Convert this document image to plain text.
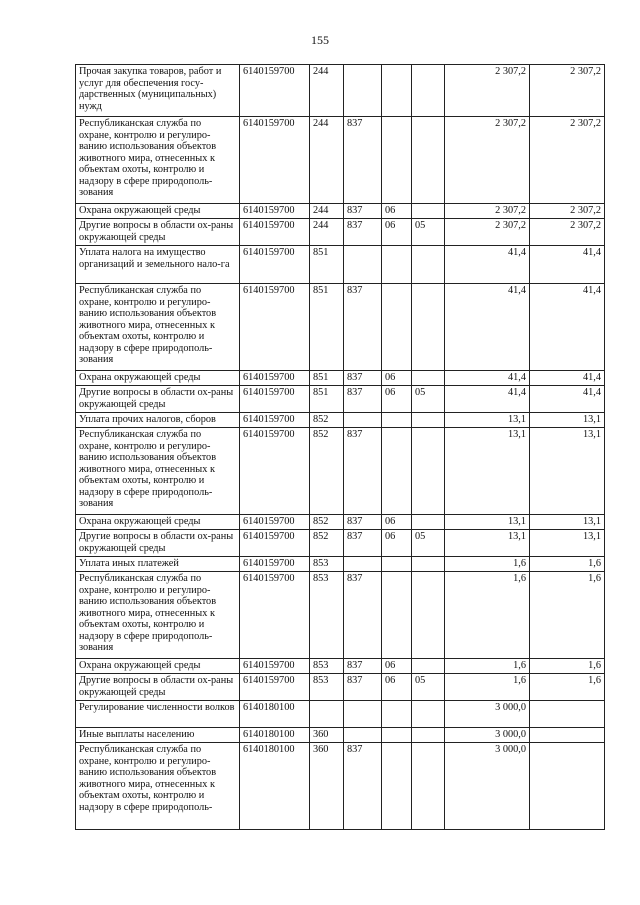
155
Прочая закупка товаров, работ и услуг для обеспечения госу-дарственных (муниципальных) нужд	6140159700	244				2 307,2	2 307,2
Республиканская служба по охране, контролю и регулиро-ванию использования объектов животного мира, отнесенных к объектам охоты, контролю и надзору в сфере природополь-зования	6140159700	244	837			2 307,2	2 307,2
Охрана окружающей среды	6140159700	244	837	06		2 307,2	2 307,2
Другие вопросы в области ох-раны окружающей среды	6140159700	244	837	06	05	2 307,2	2 307,2
Уплата налога на имущество организаций и земельного нало-га	6140159700	851				41,4	41,4
Республиканская служба по охране, контролю и регулиро-ванию использования объектов животного мира, отнесенных к объектам охоты, контролю и надзору в сфере природополь-зования	6140159700	851	837			41,4	41,4
Охрана окружающей среды	6140159700	851	837	06		41,4	41,4
Другие вопросы в области ох-раны окружающей среды	6140159700	851	837	06	05	41,4	41,4
Уплата прочих налогов, сборов	6140159700	852				13,1	13,1
Республиканская служба по охране, контролю и регулиро-ванию использования объектов животного мира, отнесенных к объектам охоты, контролю и надзору в сфере природополь-зования	6140159700	852	837			13,1	13,1
Охрана окружающей среды	6140159700	852	837	06		13,1	13,1
Другие вопросы в области ох-раны окружающей среды	6140159700	852	837	06	05	13,1	13,1
Уплата иных платежей	6140159700	853				1,6	1,6
Республиканская служба по охране, контролю и регулиро-ванию использования объектов животного мира, отнесенных к объектам охоты, контролю и надзору в сфере природополь-зования	6140159700	853	837			1,6	1,6
Охрана окружающей среды	6140159700	853	837	06		1,6	1,6
Другие вопросы в области ох-раны окружающей среды	6140159700	853	837	06	05	1,6	1,6
Регулирование численности волков	6140180100					3 000,0	
Иные выплаты населению	6140180100	360				3 000,0	
Республиканская служба по охране, контролю и регулиро-ванию использования объектов животного мира, отнесенных к объектам охоты, контролю и надзору в сфере природополь-	6140180100	360	837			3 000,0	
